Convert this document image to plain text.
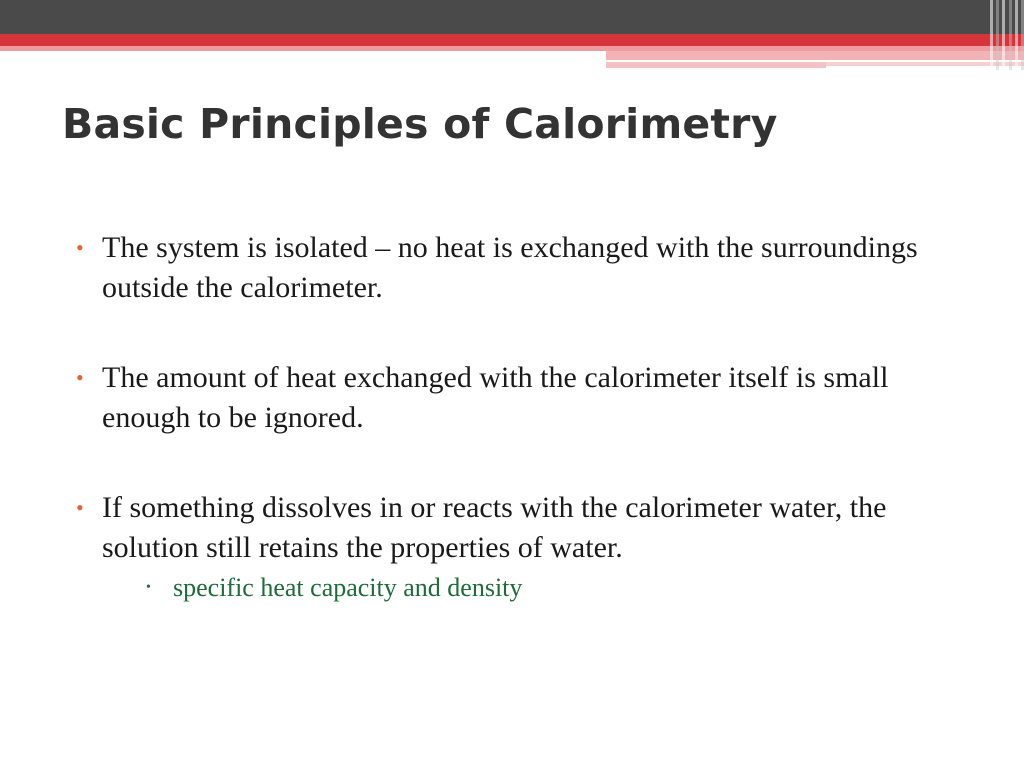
Basic Principles of Calorimetry
• The system is isolated – no heat is exchanged with the surroundings outside the calorimeter.
• The amount of heat exchanged with the calorimeter itself is small enough to be ignored.
• If something dissolves in or reacts with the calorimeter water, the solution still retains the properties of water.
• specific heat capacity and density
